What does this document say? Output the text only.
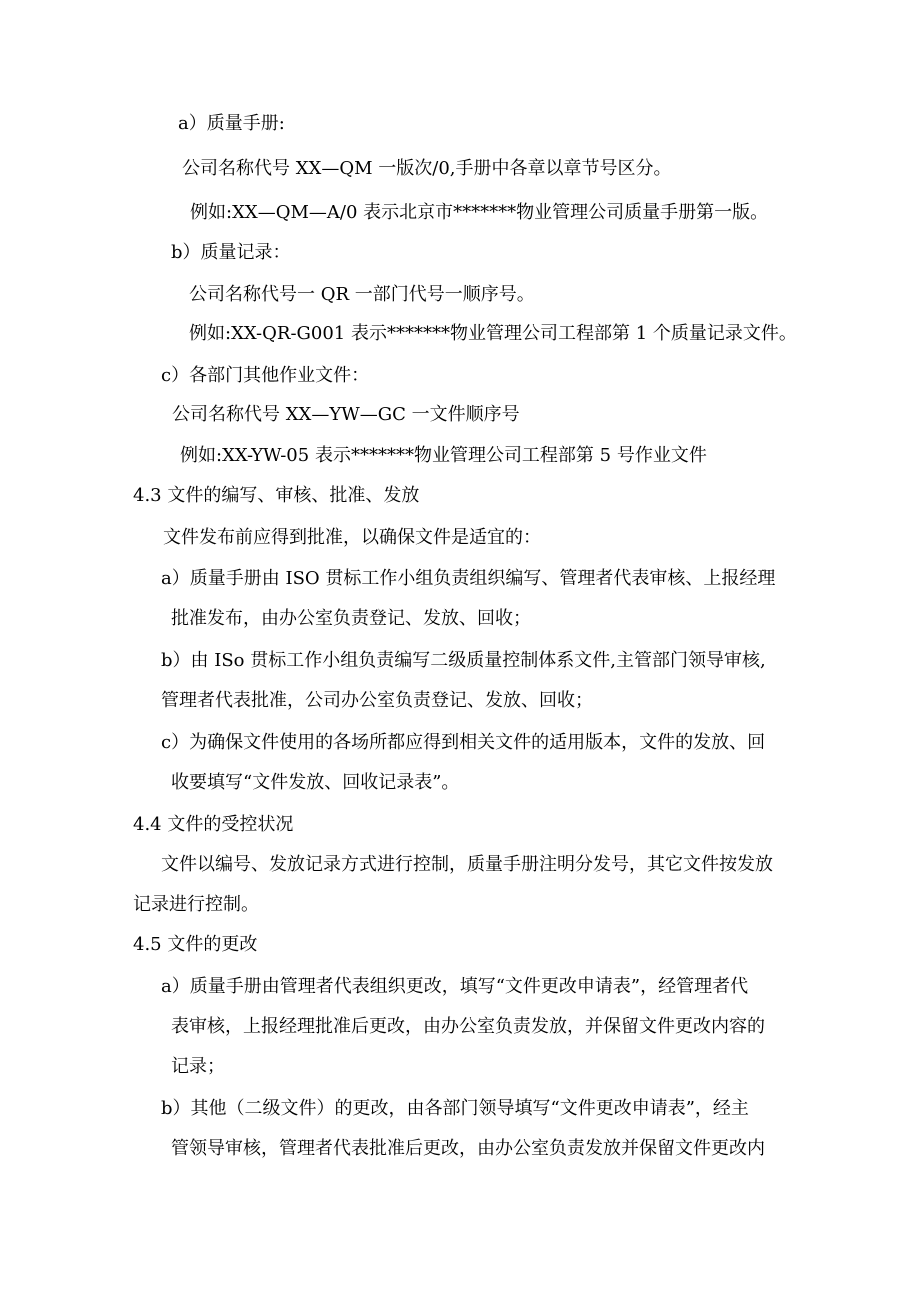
a）质量手册:

公司名称代号 XX—QM 一版次/0,手册中各章以章节号区分。

例如:XX—QM—A/0 表示北京市*******物业管理公司质量手册第一版。

b）质量记录：

公司名称代号一 QR 一部门代号一顺序号。

例如:XX-QR-G001 表示*******物业管理公司工程部第 1 个质量记录文件。

c）各部门其他作业文件：

公司名称代号 XX—YW—GC 一文件顺序号

例如:XX-YW-05 表示*******物业管理公司工程部第 5 号作业文件

4.3 文件的编写、审核、批准、发放

文件发布前应得到批准，以确保文件是适宜的：

a）质量手册由 ISO 贯标工作小组负责组织编写、管理者代表审核、上报经理

批准发布，由办公室负责登记、发放、回收；

b）由 ISo 贯标工作小组负责编写二级质量控制体系文件,主管部门领导审核,

管理者代表批准，公司办公室负责登记、发放、回收；

c）为确保文件使用的各场所都应得到相关文件的适用版本，文件的发放、回

收要填写“文件发放、回收记录表”。

4.4 文件的受控状况

文件以编号、发放记录方式进行控制，质量手册注明分发号，其它文件按发放

记录进行控制。

4.5 文件的更改

a）质量手册由管理者代表组织更改，填写“文件更改申请表”，经管理者代

表审核，上报经理批准后更改，由办公室负责发放，并保留文件更改内容的

记录；

b）其他（二级文件）的更改，由各部门领导填写“文件更改申请表”，经主

管领导审核，管理者代表批准后更改，由办公室负责发放并保留文件更改内
